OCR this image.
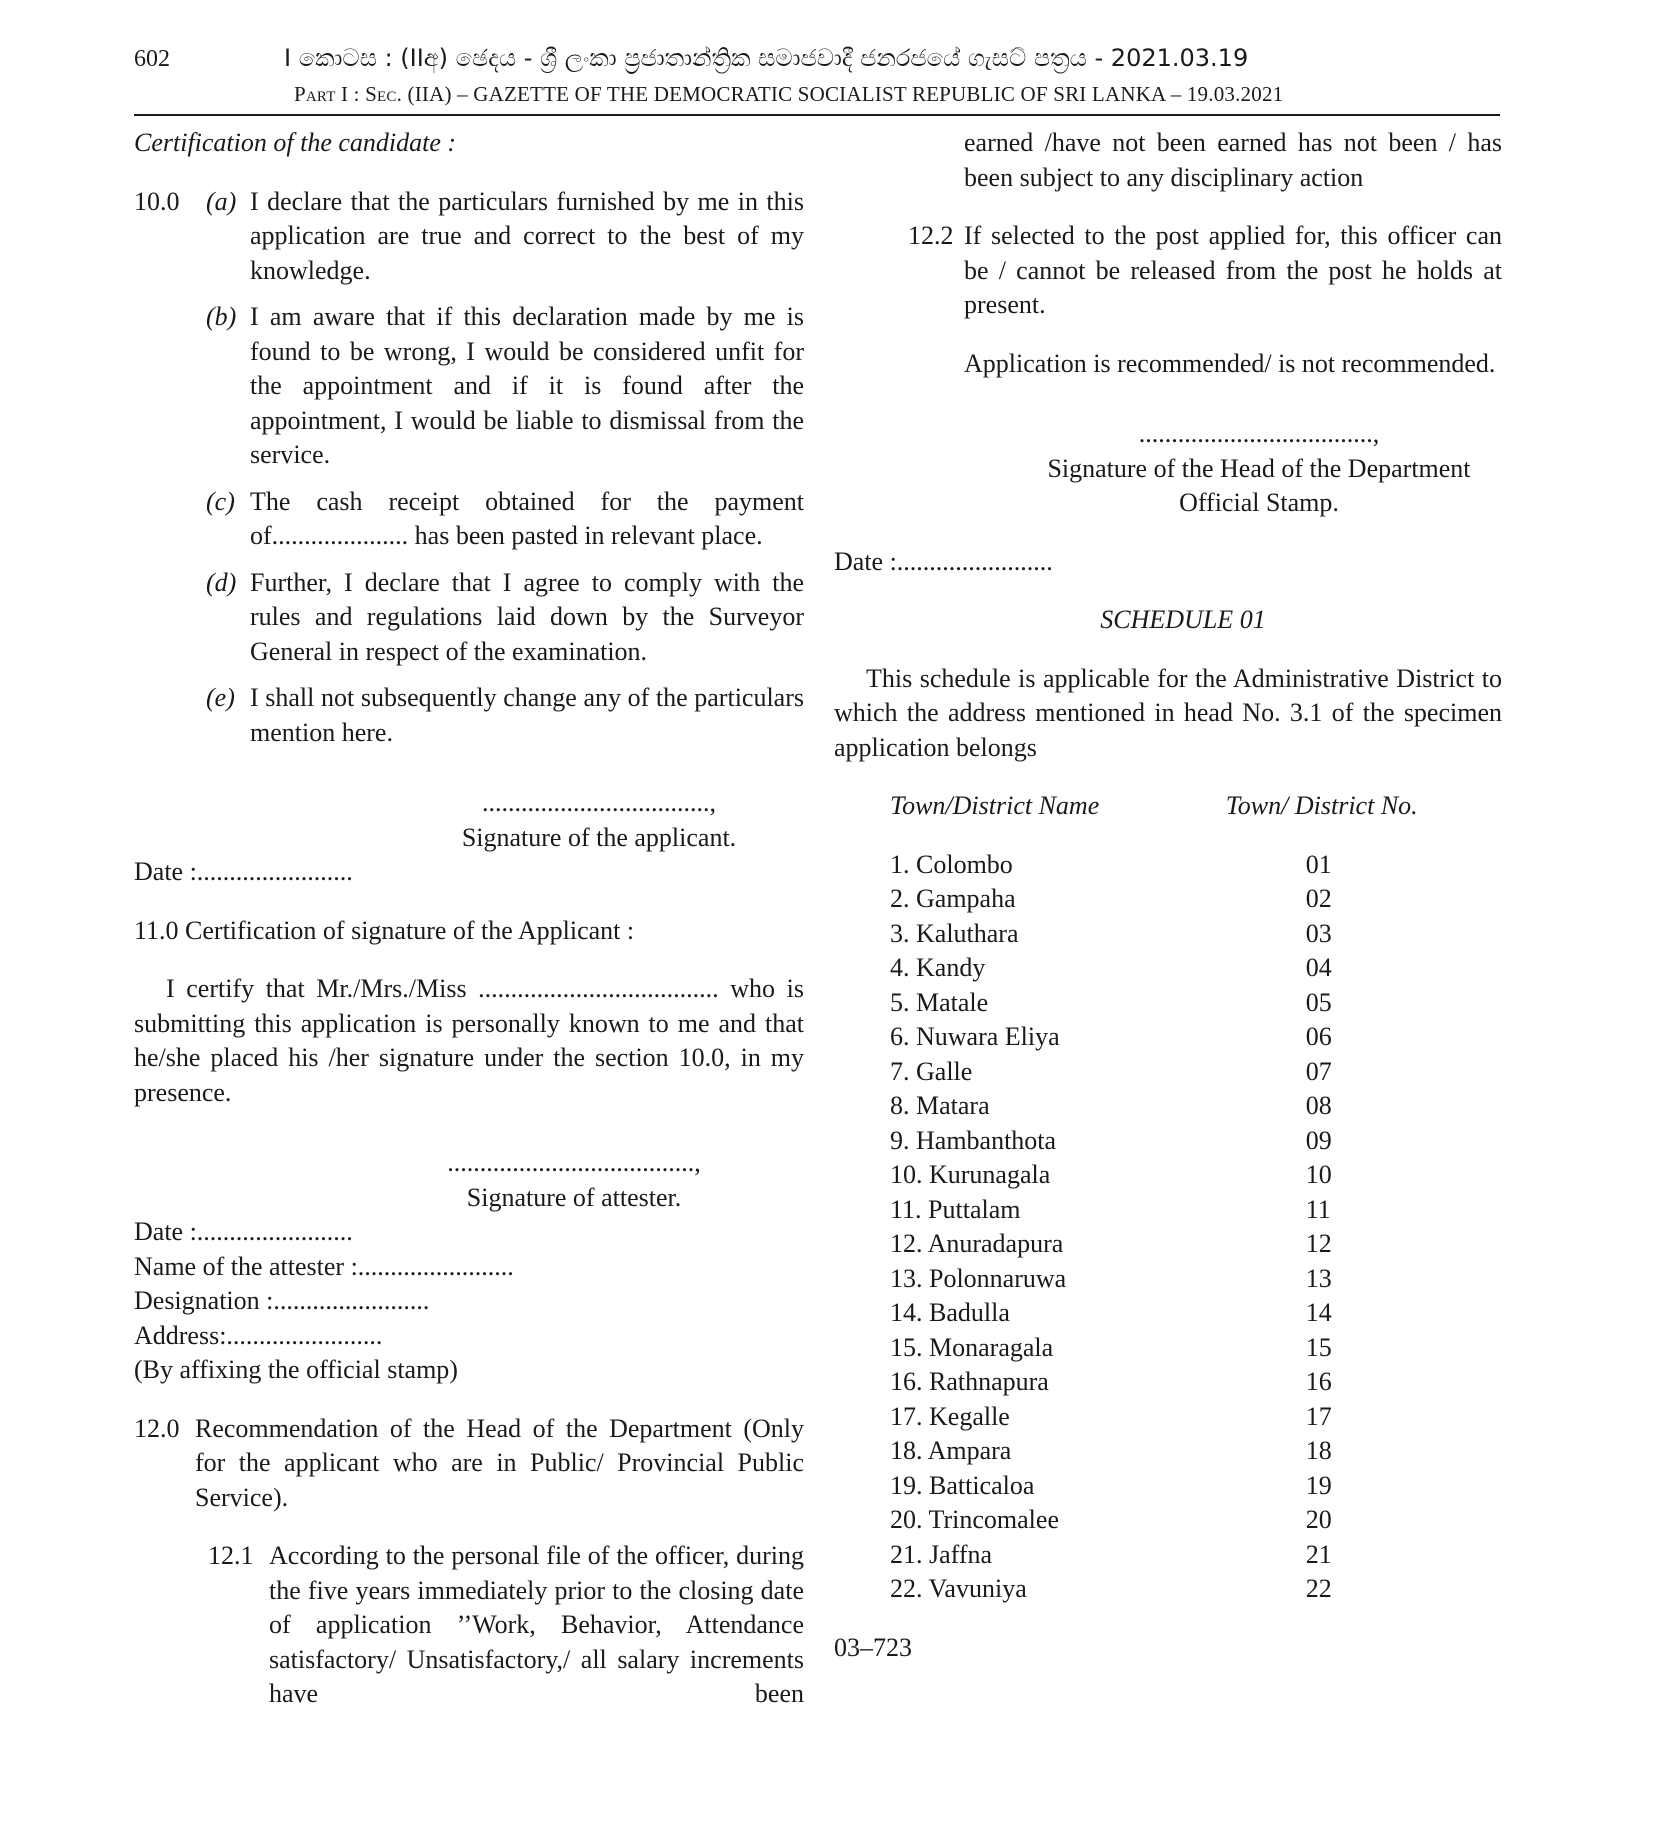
602	I කොටස : (IIඅ) ඡෙදය - ශ්‍රී ලංකා ප්‍රජාතාන්ත්‍රික සමාජවාදී ජනරජයේ ගැසට් පත්‍රය - 2021.03.19
Part I : Sec. (IIA) – GAZETTE OF THE DEMOCRATIC SOCIALIST REPUBLIC OF SRI LANKA – 19.03.2021

Certification of the candidate :

10.0	(a) I declare that the particulars furnished by me in this application are true and correct to the best of my knowledge.
(b) I am aware that if this declaration made by me is found to be wrong, I would be considered unfit for the appointment and if it is found after the appointment, I would be liable to dismissal from the service.
(c) The cash receipt obtained for the payment of..................... has been pasted in relevant place.
(d) Further, I declare that I agree to comply with the rules and regulations laid down by the Surveyor General in respect of the examination.
(e) I shall not subsequently change any of the particulars mention here.

...................................,

Signature of the applicant.

Date :........................

11.0 Certification of signature of the Applicant :

I certify that Mr./Mrs./Miss ..................................... who is submitting this application is personally known to me and that he/she placed his /her signature under the section 10.0, in my presence.

......................................,

Signature of attester.

Date :........................

Name of the attester :........................

Designation :........................

Address:........................

(By affixing the official stamp)

12.0 Recommendation of the Head of the Department (Only for the applicant who are in Public/ Provincial Public Service).
12.1 According to the personal file of the officer, during the five years immediately prior to the closing date of application ’’Work, Behavior, Attendance satisfactory/ Unsatisfactory,/ all salary increments have been

earned /have not been earned has not been / has been subject to any disciplinary action

12.2 If selected to the post applied for, this officer can be / cannot be released from the post he holds at present.

Application is recommended/ is not recommended.

....................................,

Signature of the Head of the Department

Official Stamp.

Date :........................

SCHEDULE 01

This schedule is applicable for the Administrative District to which the address mentioned in head No. 3.1 of the specimen application belongs

Town/District Name	Town/ District No.

1. Colombo	01
2. Gampaha	02
3. Kaluthara	03
4. Kandy	04
5. Matale	05
6. Nuwara Eliya	06
7. Galle	07
8. Matara	08
9. Hambanthota	09
10. Kurunagala	10
11. Puttalam	11
12. Anuradapura	12
13. Polonnaruwa	13
14. Badulla	14
15. Monaragala	15
16. Rathnapura	16
17. Kegalle	17
18. Ampara	18
19. Batticaloa	19
20. Trincomalee	20
21. Jaffna	21
22. Vavuniya	22

03–723
